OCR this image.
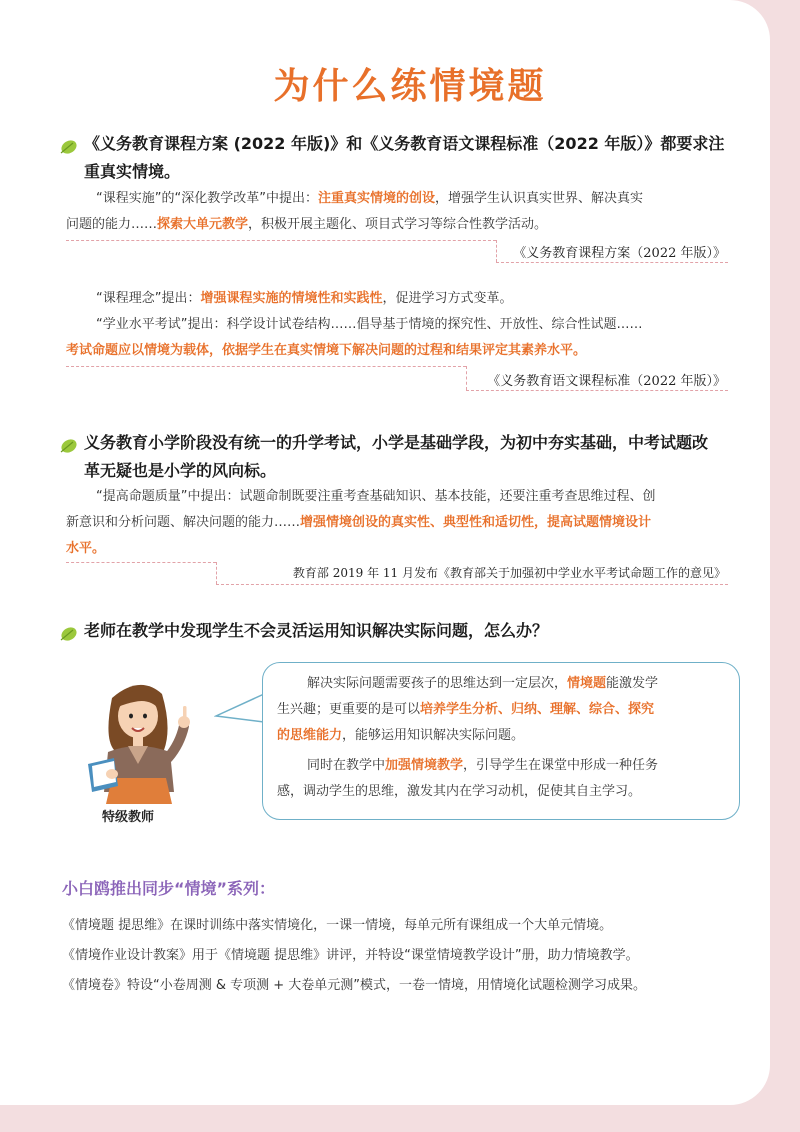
为什么练情境题
《义务教育课程方案 (2022 年版)》和《义务教育语文课程标准（2022 年版）》都要求注
重真实情境。
“课程实施”的“深化教学改革”中提出：注重真实情境的创设，增强学生认识真实世界、解决真实
问题的能力……探索大单元教学，积极开展主题化、项目式学习等综合性教学活动。
《义务教育课程方案（2022 年版）》
“课程理念”提出：增强课程实施的情境性和实践性，促进学习方式变革。
“学业水平考试”提出：科学设计试卷结构……倡导基于情境的探究性、开放性、综合性试题……
考试命题应以情境为载体，依据学生在真实情境下解决问题的过程和结果评定其素养水平。
《义务教育语文课程标准（2022 年版）》
义务教育小学阶段没有统一的升学考试，小学是基础学段，为初中夯实基础，中考试题改
革无疑也是小学的风向标。
“提高命题质量”中提出：试题命制既要注重考查基础知识、基本技能，还要注重考查思维过程、创
新意识和分析问题、解决问题的能力……增强情境创设的真实性、典型性和适切性，提高试题情境设计
水平。
教育部 2019 年 11 月发布《教育部关于加强初中学业水平考试命题工作的意见》
老师在教学中发现学生不会灵活运用知识解决实际问题，怎么办？
特级教师
解决实际问题需要孩子的思维达到一定层次，情境题能激发学
生兴趣；更重要的是可以培养学生分析、归纳、理解、综合、探究
的思维能力，能够运用知识解决实际问题。
同时在教学中加强情境教学，引导学生在课堂中形成一种任务
感，调动学生的思维，激发其内在学习动机，促使其自主学习。
小白鸥推出同步“情境”系列：
《情境题 提思维》在课时训练中落实情境化，一课一情境，每单元所有课组成一个大单元情境。
《情境作业设计教案》用于《情境题 提思维》讲评，并特设“课堂情境教学设计”册，助力情境教学。
《情境卷》特设“小卷周测 & 专项测 + 大卷单元测”模式，一卷一情境，用情境化试题检测学习成果。
